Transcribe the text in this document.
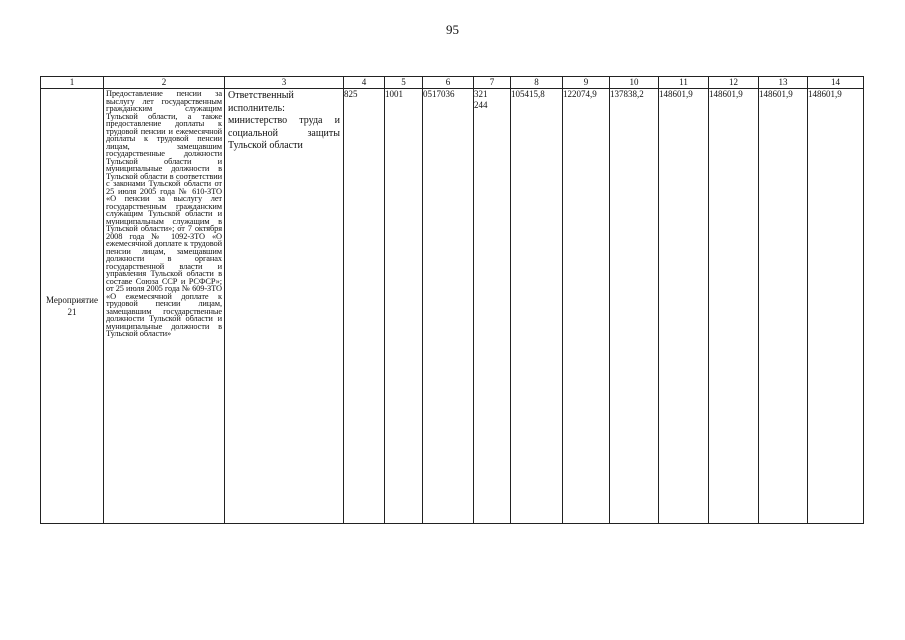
95
1	2	3	4	5	6	7	8	9	10	11	12	13	14
Мероприятие 21	Предоставление пенсии за выслугу лет государственным гражданским служащим Тульской области, а также предоставление доплаты к трудовой пенсии и ежемесячной доплаты к трудовой пенсии лицам, замещавшим государственные должности Тульской области и муниципальные должности в Тульской области в соответствии с законами Тульской области от 25 июля 2005 года № 610-ЗТО «О пенсии за выслугу лет государственным гражданским служащим Тульской области и муниципальным служащим в Тульской области»; от 7 октября 2008 года № 1092-ЗТО «О ежемесячной доплате к трудовой пенсии лицам, замещавшим должности в органах государственной власти и управления Тульской области в составе Союза ССР и РСФСР»; от 25 июля 2005 года № 609-ЗТО «О ежемесячной доплате к трудовой пенсии лицам, замещавшим государственные должности Тульской области и муниципальные должности в Тульской области»	Ответственный исполнитель: министерство труда и социальной защиты Тульской области	825	1001	0517036	321
244	105415,8	122074,9	137838,2	148601,9	148601,9	148601,9	148601,9
